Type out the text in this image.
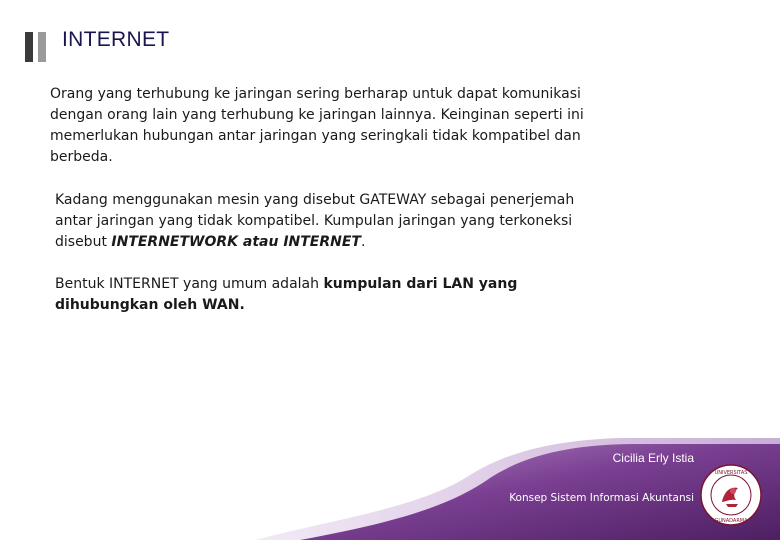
INTERNET

Orang yang terhubung ke jaringan sering berharap untuk dapat komunikasi dengan orang lain yang terhubung ke jaringan lainnya. Keinginan seperti ini memerlukan hubungan antar jaringan yang seringkali tidak kompatibel dan berbeda.

Kadang menggunakan mesin yang disebut GATEWAY sebagai penerjemah antar jaringan yang tidak kompatibel. Kumpulan jaringan yang terkoneksi disebut INTERNETWORK atau INTERNET.

Bentuk INTERNET yang umum adalah kumpulan dari LAN yang dihubungkan oleh WAN.

Cicilia Erly Istia
Konsep Sistem Informasi Akuntansi
UNIVERSITAS
GUNADARMA
